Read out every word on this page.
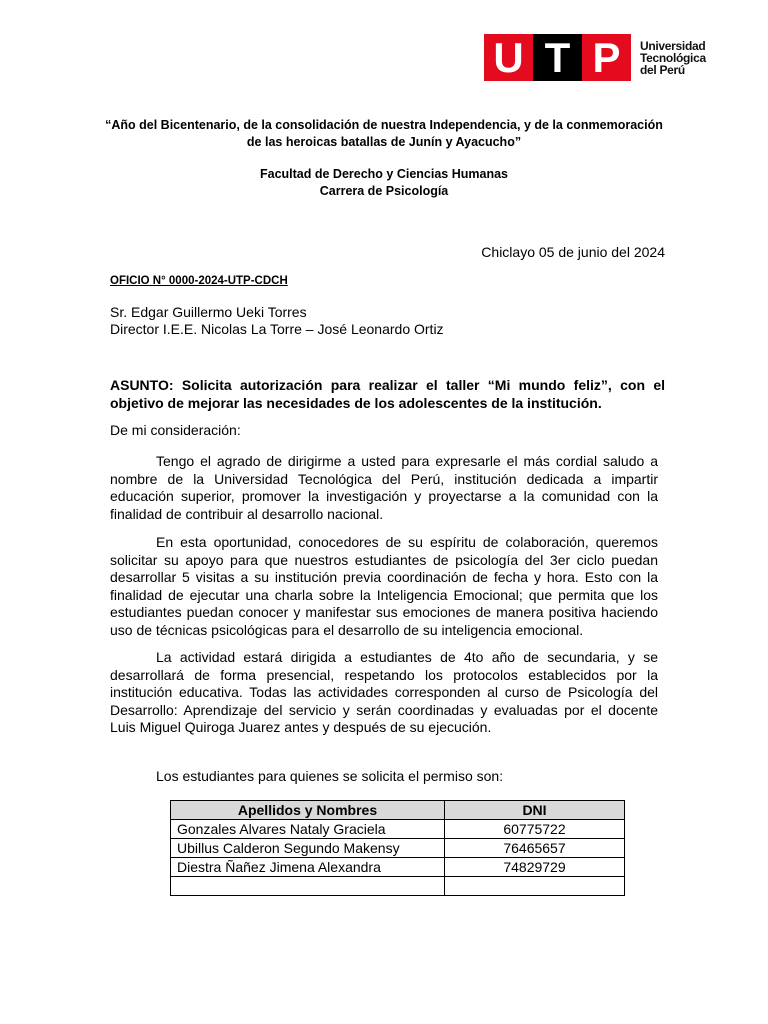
U T P	Universidad
Tecnológica
del Perú
“Año del Bicentenario, de la consolidación de nuestra Independencia, y de la conmemoración
de las heroicas batallas de Junín y Ayacucho”
Facultad de Derecho y Ciencias Humanas
Carrera de Psicología
Chiclayo 05 de junio del 2024
OFICIO N° 0000-2024-UTP-CDCH
Sr. Edgar Guillermo Ueki Torres
Director I.E.E. Nicolas La Torre – José Leonardo Ortiz
ASUNTO: Solicita autorización para realizar el taller “Mi mundo feliz”, con el objetivo de mejorar las necesidades de los adolescentes de la institución.
De mi consideración:
Tengo el agrado de dirigirme a usted para expresarle el más cordial saludo a nombre de la Universidad Tecnológica del Perú, institución dedicada a impartir educación superior, promover la investigación y proyectarse a la comunidad con la finalidad de contribuir al desarrollo nacional.
En esta oportunidad, conocedores de su espíritu de colaboración, queremos solicitar su apoyo para que nuestros estudiantes de psicología del 3er ciclo puedan desarrollar 5 visitas a su institución previa coordinación de fecha y hora. Esto con la finalidad de ejecutar una charla sobre la Inteligencia Emocional; que permita que los estudiantes puedan conocer y manifestar sus emociones de manera positiva haciendo uso de técnicas psicológicas para el desarrollo de su inteligencia emocional.
La actividad estará dirigida a estudiantes de 4to año de secundaria, y se desarrollará de forma presencial, respetando los protocolos establecidos por la institución educativa. Todas las actividades corresponden al curso de Psicología del Desarrollo: Aprendizaje del servicio y serán coordinadas y evaluadas por el docente Luis Miguel Quiroga Juarez antes y después de su ejecución.
Los estudiantes para quienes se solicita el permiso son:
Apellidos y Nombres	DNI
Gonzales Alvares Nataly Graciela	60775722
Ubillus Calderon Segundo Makensy	76465657
Diestra Ñañez Jimena Alexandra	74829729
